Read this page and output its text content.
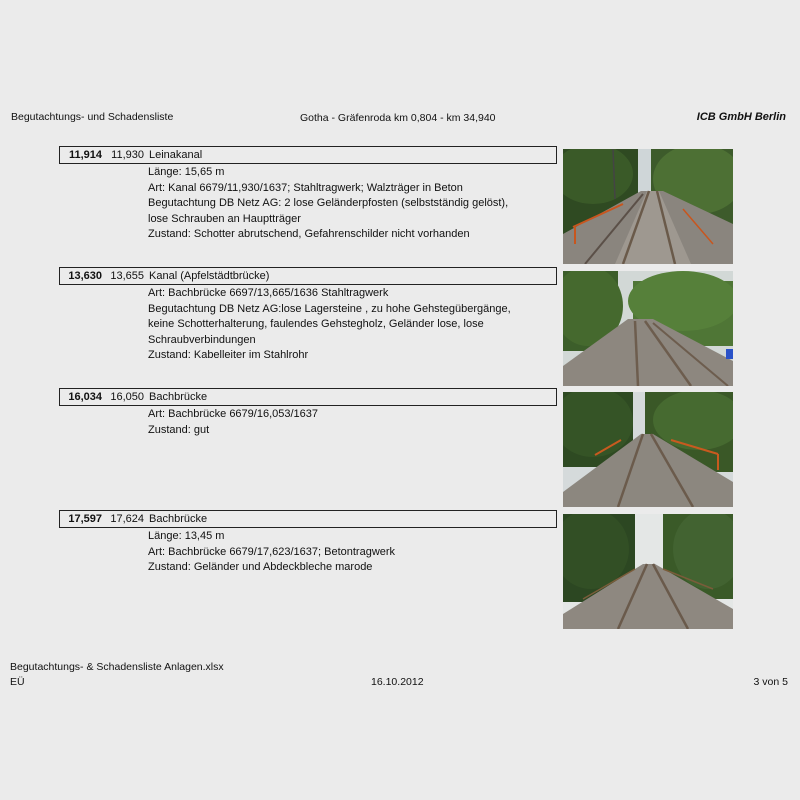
Begutachtungs- und Schadensliste	Gotha - Gräfenroda km 0,804 - km 34,940	ICB GmbH Berlin
11,914 11,930 Leinakanal
Länge: 15,65 m
Art: Kanal 6679/11,930/1637; Stahltragwerk; Walzträger in Beton
Begutachtung DB Netz AG: 2 lose Geländerpfosten (selbstständig gelöst),
lose Schrauben an Hauptträger
Zustand: Schotter abrutschend, Gefahrenschilder nicht vorhanden
13,630 13,655 Kanal (Apfelstädtbrücke)
Art: Bachbrücke 6697/13,665/1636 Stahltragwerk
Begutachtung DB Netz AG:lose Lagersteine , zu hohe Gehstegübergänge,
keine Schotterhalterung, faulendes Gehstegholz, Geländer lose, lose
Schraubverbindungen
Zustand: Kabelleiter im Stahlrohr
16,034 16,050 Bachbrücke
Art: Bachbrücke 6679/16,053/1637
Zustand: gut
17,597 17,624 Bachbrücke
Länge: 13,45 m
Art: Bachbrücke 6679/17,623/1637; Betontragwerk
Zustand: Geländer und Abdeckbleche marode
Begutachtungs- & Schadensliste Anlagen.xlsx
EÜ	16.10.2012	3 von 5
